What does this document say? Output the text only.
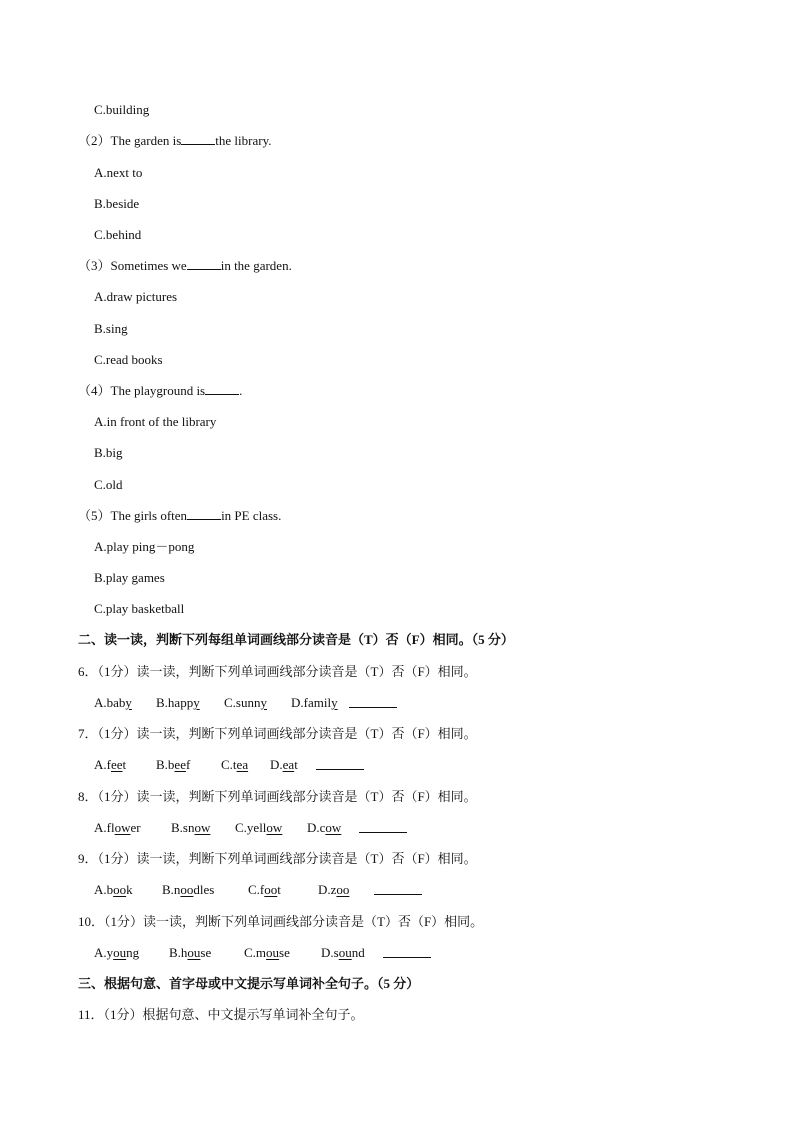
C.building
（2）The garden is	the library.
A.next to
B.beside
C.behind
（3）Sometimes we	in the garden.
A.draw pictures
B.sing
C.read books
（4）The playground is	.
A.in front of the library
B.big
C.old
（5）The girls often	in PE class.
A.play ping－pong
B.play games
C.play basketball
二、读一读，判断下列每组单词画线部分读音是（T）否（F）相同。（5 分）
6．（1分）读一读，判断下列单词画线部分读音是（T）否（F）相同。
A.baby B.happy C.sunny D.family
7．（1分）读一读，判断下列单词画线部分读音是（T）否（F）相同。
A.feet B.beef C.tea D.eat
8．（1分）读一读，判断下列单词画线部分读音是（T）否（F）相同。
A.flower B.snow C.yellow D.cow
9．（1分）读一读，判断下列单词画线部分读音是（T）否（F）相同。
A.book B.noodles	C.foot	D.zoo
10．（1分）读一读，判断下列单词画线部分读音是（T）否（F）相同。
A.young B.house	C.mouse D.sound
三、根据句意、首字母或中文提示写单词补全句子。（5 分）
11．（1分）根据句意、中文提示写单词补全句子。
